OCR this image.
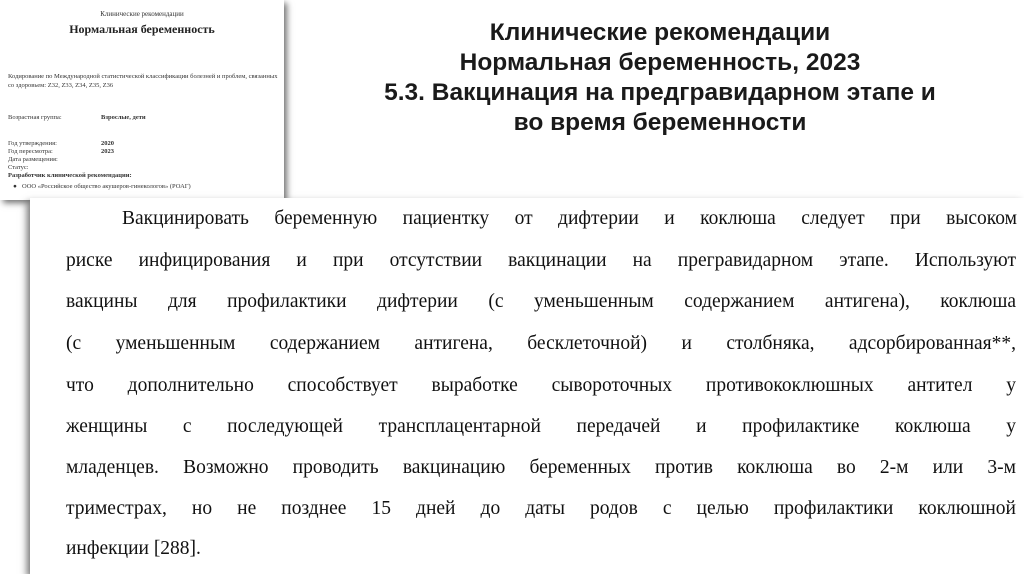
Клинические рекомендации
Нормальная беременность
Кодирование по Международной статистической классификации болезней и проблем, связанных со здоровьем: Z32, Z33, Z34, Z35, Z36
Возрастная группа:	Взрослые, дети
Год утверждения:	2020
Год пересмотра:	2023
Дата размещения:
Статус:
Разработчик клинической рекомендации:
● ООО «Российское общество акушеров-гинекологов» (РОАГ)
Клинические рекомендации
Нормальная беременность, 2023
5.3. Вакцинация на предгравидарном этапе и
во время беременности
Вакцинировать беременную пациентку от дифтерии и коклюша следует при высоком
риске инфицирования и при отсутствии вакцинации на прегравидарном этапе. Используют
вакцины для профилактики дифтерии (с уменьшенным содержанием антигена), коклюша
(с уменьшенным содержанием антигена, бесклеточной) и столбняка, адсорбированная**,
что дополнительно способствует выработке сывороточных противококлюшных антител у
женщины с последующей трансплацентарной передачей и профилактике коклюша у
младенцев. Возможно проводить вакцинацию беременных против коклюша во 2-м или 3-м
триместрах, но не позднее 15 дней до даты родов с целью профилактики коклюшной
инфекции [288].
